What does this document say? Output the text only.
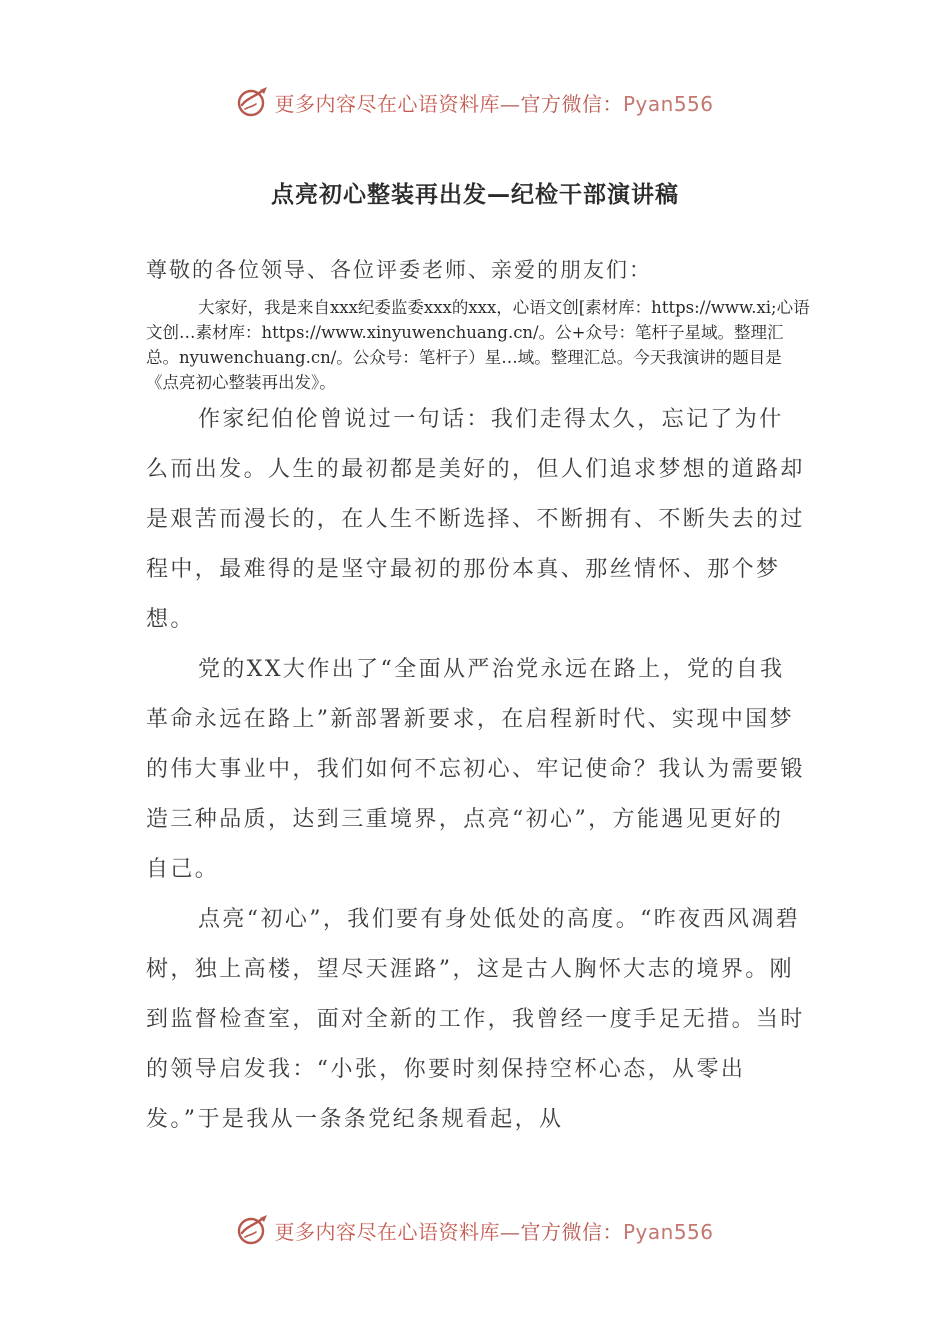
更多内容尽在心语资料库—官方微信：Pyan556
点亮初心整装再出发—纪检干部演讲稿
尊敬的各位领导、各位评委老师、亲爱的朋友们：
大家好，我是来自xxx纪委监委xxx的xxx，心语文创[素材库：https://www.xi;心语文创…素材库：https://www.xinyuwenchuang.cn/。公+众号：笔杆子星域。整理汇总。nyuwenchuang.cn/。公众号：笔杆子）星…域。整理汇总。今天我演讲的题目是《点亮初心整装再出发》。

作家纪伯伦曾说过一句话：我们走得太久，忘记了为什么而出发。人生的最初都是美好的，但人们追求梦想的道路却是艰苦而漫长的，在人生不断选择、不断拥有、不断失去的过程中，最难得的是坚守最初的那份本真、那丝情怀、那个梦想。

党的XX大作出了“全面从严治党永远在路上，党的自我革命永远在路上”新部署新要求，在启程新时代、实现中国梦的伟大事业中，我们如何不忘初心、牢记使命？我认为需要锻造三种品质，达到三重境界，点亮“初心”，方能遇见更好的自己。

点亮“初心”，我们要有身处低处的高度。“昨夜西风凋碧树，独上高楼，望尽天涯路”，这是古人胸怀大志的境界。刚到监督检查室，面对全新的工作，我曾经一度手足无措。当时的领导启发我：“小张，你要时刻保持空杯心态，从零出发。”于是我从一条条党纪条规看起，从

更多内容尽在心语资料库—官方微信：Pyan556
